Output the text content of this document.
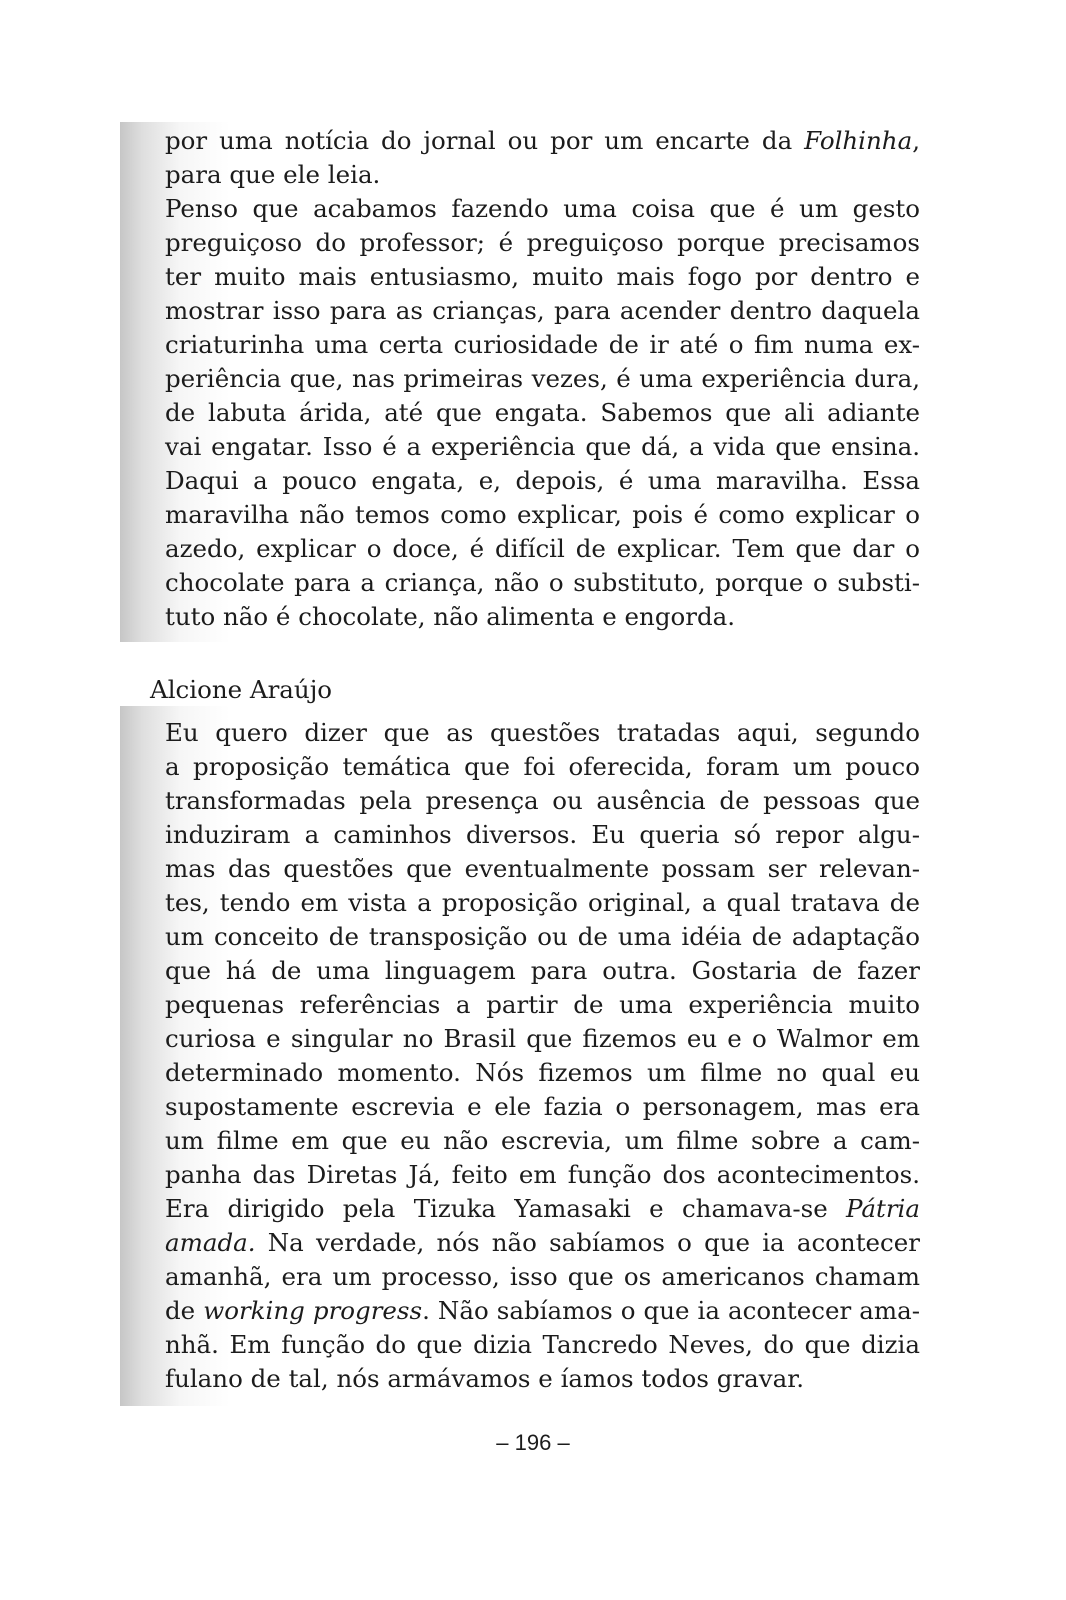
por uma notícia do jornal ou por um encarte da Folhinha,
para que ele leia.
Penso que acabamos fazendo uma coisa que é um gesto
preguiçoso do professor; é preguiçoso porque precisamos
ter muito mais entusiasmo, muito mais fogo por dentro e
mostrar isso para as crianças, para acender dentro daquela
criaturinha uma certa curiosidade de ir até o fim numa ex-
periência que, nas primeiras vezes, é uma experiência dura,
de labuta árida, até que engata. Sabemos que ali adiante
vai engatar. Isso é a experiência que dá, a vida que ensina.
Daqui a pouco engata, e, depois, é uma maravilha. Essa
maravilha não temos como explicar, pois é como explicar o
azedo, explicar o doce, é difícil de explicar. Tem que dar o
chocolate para a criança, não o substituto, porque o substi-
tuto não é chocolate, não alimenta e engorda.
Alcione Araújo
Eu quero dizer que as questões tratadas aqui, segundo
a proposição temática que foi oferecida, foram um pouco
transformadas pela presença ou ausência de pessoas que
induziram a caminhos diversos. Eu queria só repor algu-
mas das questões que eventualmente possam ser relevan-
tes, tendo em vista a proposição original, a qual tratava de
um conceito de transposição ou de uma idéia de adaptação
que há de uma linguagem para outra. Gostaria de fazer
pequenas referências a partir de uma experiência muito
curiosa e singular no Brasil que fizemos eu e o Walmor em
determinado momento. Nós fizemos um filme no qual eu
supostamente escrevia e ele fazia o personagem, mas era
um filme em que eu não escrevia, um filme sobre a cam-
panha das Diretas Já, feito em função dos acontecimentos.
Era dirigido pela Tizuka Yamasaki e chamava-se Pátria
amada. Na verdade, nós não sabíamos o que ia acontecer
amanhã, era um processo, isso que os americanos chamam
de working progress. Não sabíamos o que ia acontecer ama-
nhã. Em função do que dizia Tancredo Neves, do que dizia
fulano de tal, nós armávamos e íamos todos gravar.
– 196 –
